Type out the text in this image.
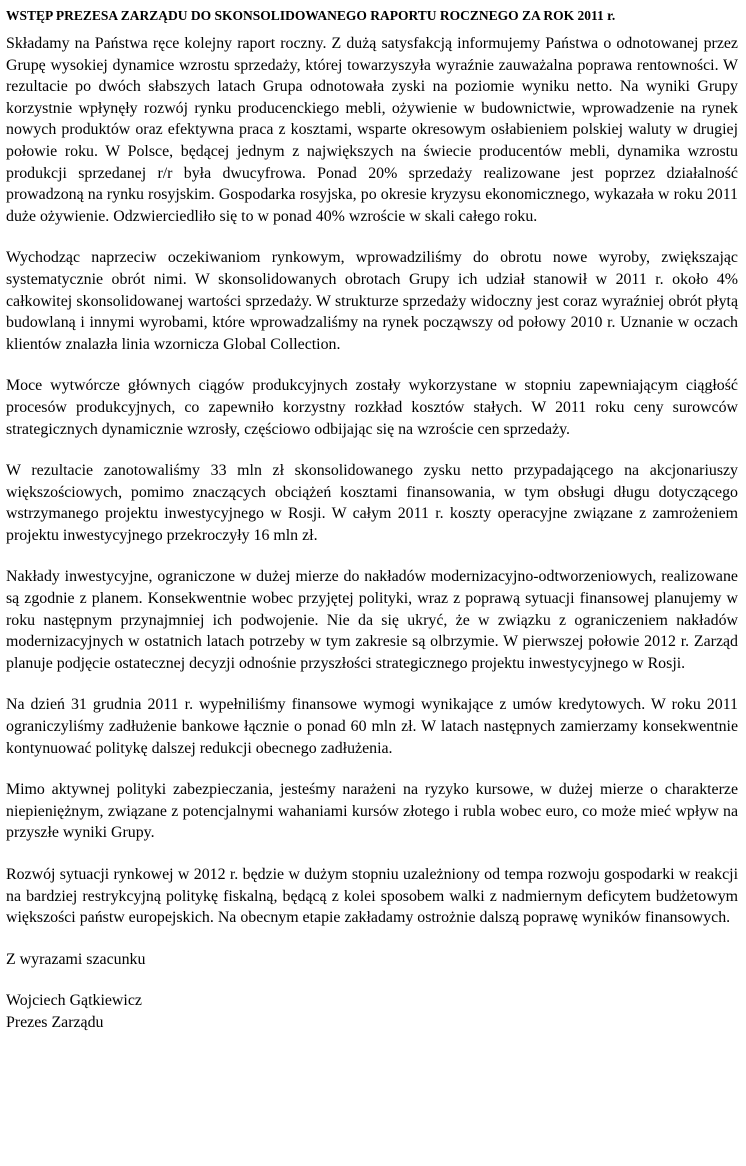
WSTĘP PREZESA ZARZĄDU DO SKONSOLIDOWANEGO RAPORTU ROCZNEGO ZA ROK 2011 r.

Składamy na Państwa ręce kolejny raport roczny. Z dużą satysfakcją informujemy Państwa o odnotowanej przez Grupę wysokiej dynamice wzrostu sprzedaży, której towarzyszyła wyraźnie zauważalna poprawa rentowności. W rezultacie po dwóch słabszych latach Grupa odnotowała zyski na poziomie wyniku netto. Na wyniki Grupy korzystnie wpłynęły rozwój rynku producenckiego mebli, ożywienie w budownictwie, wprowadzenie na rynek nowych produktów oraz efektywna praca z kosztami, wsparte okresowym osłabieniem polskiej waluty w drugiej połowie roku. W Polsce, będącej jednym z największych na świecie producentów mebli, dynamika wzrostu produkcji sprzedanej r/r była dwucyfrowa. Ponad 20% sprzedaży realizowane jest poprzez działalność prowadzoną na rynku rosyjskim. Gospodarka rosyjska, po okresie kryzysu ekonomicznego, wykazała w roku 2011 duże ożywienie. Odzwierciedliło się to w ponad 40% wzroście w skali całego roku.

Wychodząc naprzeciw oczekiwaniom rynkowym, wprowadziliśmy do obrotu nowe wyroby, zwiększając systematycznie obrót nimi. W skonsolidowanych obrotach Grupy ich udział stanowił w 2011 r. około 4% całkowitej skonsolidowanej wartości sprzedaży. W strukturze sprzedaży widoczny jest coraz wyraźniej obrót płytą budowlaną i innymi wyrobami, które wprowadzaliśmy na rynek począwszy od połowy 2010 r. Uznanie w oczach klientów znalazła linia wzornicza Global Collection.

Moce wytwórcze głównych ciągów produkcyjnych zostały wykorzystane w stopniu zapewniającym ciągłość procesów produkcyjnych, co zapewniło korzystny rozkład kosztów stałych. W 2011 roku ceny surowców strategicznych dynamicznie wzrosły, częściowo odbijając się na wzroście cen sprzedaży.

W rezultacie zanotowaliśmy 33 mln zł skonsolidowanego zysku netto przypadającego na akcjonariuszy większościowych, pomimo znaczących obciążeń kosztami finansowania, w tym obsługi długu dotyczącego wstrzymanego projektu inwestycyjnego w Rosji. W całym 2011 r. koszty operacyjne związane z zamrożeniem projektu inwestycyjnego przekroczyły 16 mln zł.

Nakłady inwestycyjne, ograniczone w dużej mierze do nakładów modernizacyjno-odtworzeniowych, realizowane są zgodnie z planem. Konsekwentnie wobec przyjętej polityki, wraz z poprawą sytuacji finansowej planujemy w roku następnym przynajmniej ich podwojenie. Nie da się ukryć, że w związku z ograniczeniem nakładów modernizacyjnych w ostatnich latach potrzeby w tym zakresie są olbrzymie. W pierwszej połowie 2012 r. Zarząd planuje podjęcie ostatecznej decyzji odnośnie przyszłości strategicznego projektu inwestycyjnego w Rosji.

Na dzień 31 grudnia 2011 r. wypełniliśmy finansowe wymogi wynikające z umów kredytowych. W roku 2011 ograniczyliśmy zadłużenie bankowe łącznie o ponad 60 mln zł. W latach następnych zamierzamy konsekwentnie kontynuować politykę dalszej redukcji obecnego zadłużenia.

Mimo aktywnej polityki zabezpieczania, jesteśmy narażeni na ryzyko kursowe, w dużej mierze o charakterze niepieniężnym, związane z potencjalnymi wahaniami kursów złotego i rubla wobec euro, co może mieć wpływ na przyszłe wyniki Grupy.

Rozwój sytuacji rynkowej w 2012 r. będzie w dużym stopniu uzależniony od tempa rozwoju gospodarki w reakcji na bardziej restrykcyjną politykę fiskalną, będącą z kolei sposobem walki z nadmiernym deficytem budżetowym większości państw europejskich. Na obecnym etapie zakładamy ostrożnie dalszą poprawę wyników finansowych.

Z wyrazami szacunku

Wojciech Gątkiewicz
Prezes Zarządu
